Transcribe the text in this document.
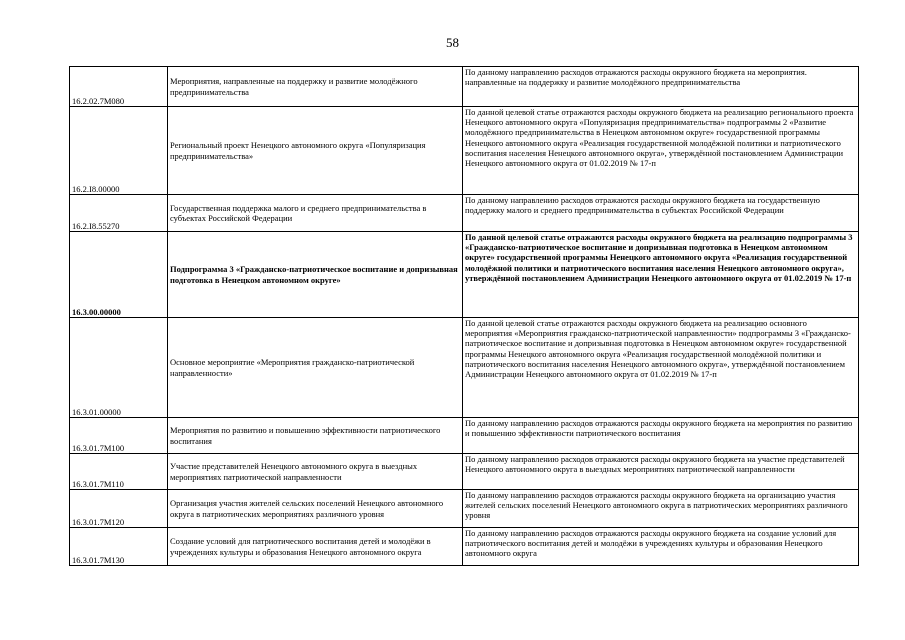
58
16.2.02.7М080	Мероприятия, направленные на поддержку и развитие молодёжного предпринимательства	По данному направлению расходов отражаются расходы окружного бюджета на мероприятия. направленные на поддержку и развитие молодёжного предпринимательства
16.2.I8.00000	Региональный проект Ненецкого автономного округа «Популяризация предпринимательства»	По данной целевой статье отражаются расходы окружного бюджета на реализацию регионального проекта Ненецкого автономного округа «Популяризация предпринимательства» подпрограммы 2 «Развитие молодёжного предпринимательства в Ненецком автономном округе» государственной программы Ненецкого автономного округа «Реализация государственной молодёжной политики и патриотического воспитания населения Ненецкого автономного округа», утверждённой постановлением Администрации Ненецкого автономного округа от 01.02.2019 № 17-п
16.2.I8.55270	Государственная поддержка малого и среднего предпринимательства в субъектах Российской Федерации	По данному направлению расходов отражаются расходы окружного бюджета на государственную поддержку малого и среднего предпринимательства в субъектах Российской Федерации
16.3.00.00000	Подпрограмма 3 «Гражданско-патриотическое воспитание и допризывная подготовка в Ненецком автономном округе»	По данной целевой статье отражаются расходы окружного бюджета на реализацию подпрограммы 3 «Гражданско-патриотическое воспитание и допризывная подготовка в Ненецком автономном округе» государственной программы Ненецкого автономного округа «Реализация государственной молодёжной политики и патриотического воспитания населения Ненецкого автономного округа», утверждённой постановлением Администрации Ненецкого автономного округа от 01.02.2019 № 17-п
16.3.01.00000	Основное мероприятие «Мероприятия гражданско-патриотической направленности»	По данной целевой статье отражаются расходы окружного бюджета на реализацию основного мероприятия «Мероприятия гражданско-патриотической направленности» подпрограммы 3 «Гражданско-патриотическое воспитание и допризывная подготовка в Ненецком автономном округе» государственной программы Ненецкого автономного округа «Реализация государственной молодёжной политики и патриотического воспитания населения Ненецкого автономного округа», утверждённой постановлением Администрации Ненецкого автономного округа от 01.02.2019 № 17-п
16.3.01.7М100	Мероприятия по развитию и повышению эффективности патриотического воспитания	По данному направлению расходов отражаются расходы окружного бюджета на мероприятия по развитию и повышению эффективности патриотического воспитания
16.3.01.7М110	Участие представителей Ненецкого автономного округа в выездных мероприятиях патриотической направленности	По данному направлению расходов отражаются расходы окружного бюджета на участие представителей Ненецкого автономного округа в выездных мероприятиях патриотической направленности
16.3.01.7М120	Организация участия жителей сельских поселений Ненецкого автономного округа в патриотических мероприятиях различного уровня	По данному направлению расходов отражаются расходы окружного бюджета на организацию участия жителей сельских поселений Ненецкого автономного округа в патриотических мероприятиях различного уровня
16.3.01.7М130	Создание условий для патриотического воспитания детей и молодёжи в учреждениях культуры и образования Ненецкого автономного округа	По данному направлению расходов отражаются расходы окружного бюджета на создание условий для патриотического воспитания детей и молодёжи в учреждениях культуры и образования Ненецкого автономного округа
